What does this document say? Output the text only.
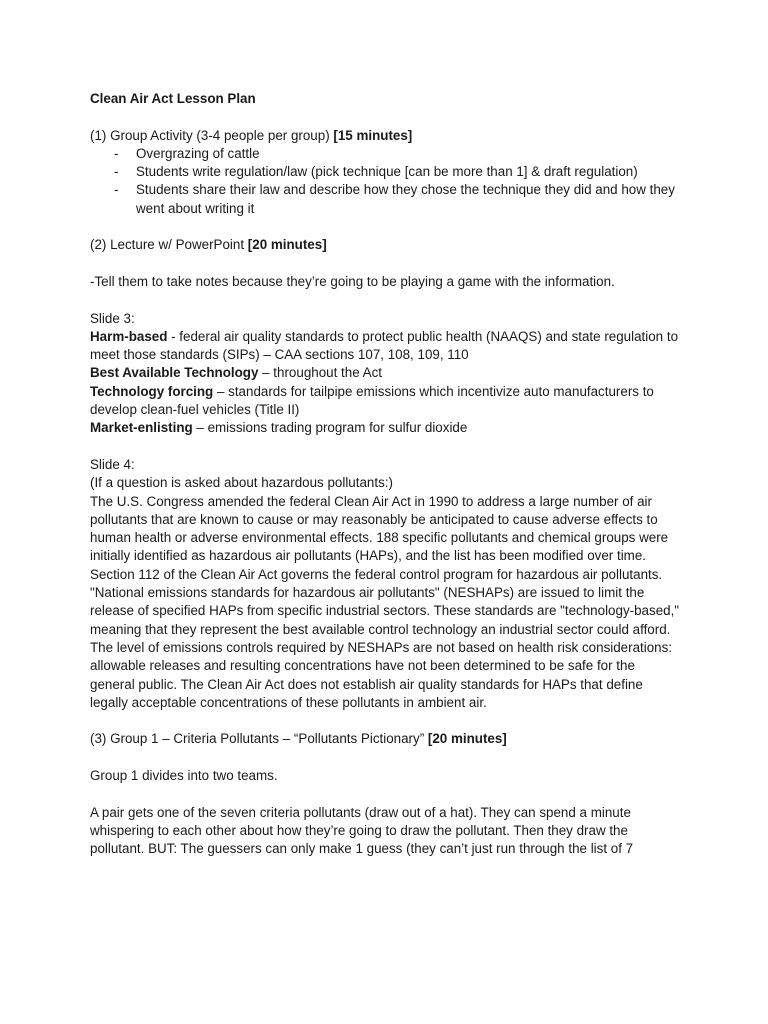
Clean Air Act Lesson Plan
(1) Group Activity (3-4 people per group) [15 minutes]
- Overgrazing of cattle
- Students write regulation/law (pick technique [can be more than 1] & draft regulation)
- Students share their law and describe how they chose the technique they did and how they went about writing it
(2) Lecture w/ PowerPoint [20 minutes]
-Tell them to take notes because they’re going to be playing a game with the information.
Slide 3:
Harm-based - federal air quality standards to protect public health (NAAQS) and state regulation to meet those standards (SIPs) – CAA sections 107, 108, 109, 110
Best Available Technology – throughout the Act
Technology forcing – standards for tailpipe emissions which incentivize auto manufacturers to develop clean-fuel vehicles (Title II)
Market-enlisting – emissions trading program for sulfur dioxide
Slide 4:
(If a question is asked about hazardous pollutants:)
The U.S. Congress amended the federal Clean Air Act in 1990 to address a large number of air pollutants that are known to cause or may reasonably be anticipated to cause adverse effects to human health or adverse environmental effects. 188 specific pollutants and chemical groups were initially identified as hazardous air pollutants (HAPs), and the list has been modified over time.
Section 112 of the Clean Air Act governs the federal control program for hazardous air pollutants. "National emissions standards for hazardous air pollutants" (NESHAPs) are issued to limit the release of specified HAPs from specific industrial sectors. These standards are "technology-based," meaning that they represent the best available control technology an industrial sector could afford. The level of emissions controls required by NESHAPs are not based on health risk considerations: allowable releases and resulting concentrations have not been determined to be safe for the general public. The Clean Air Act does not establish air quality standards for HAPs that define legally acceptable concentrations of these pollutants in ambient air.
(3) Group 1 – Criteria Pollutants – “Pollutants Pictionary” [20 minutes]
Group 1 divides into two teams.
A pair gets one of the seven criteria pollutants (draw out of a hat). They can spend a minute whispering to each other about how they’re going to draw the pollutant. Then they draw the pollutant. BUT: The guessers can only make 1 guess (they can’t just run through the list of 7
